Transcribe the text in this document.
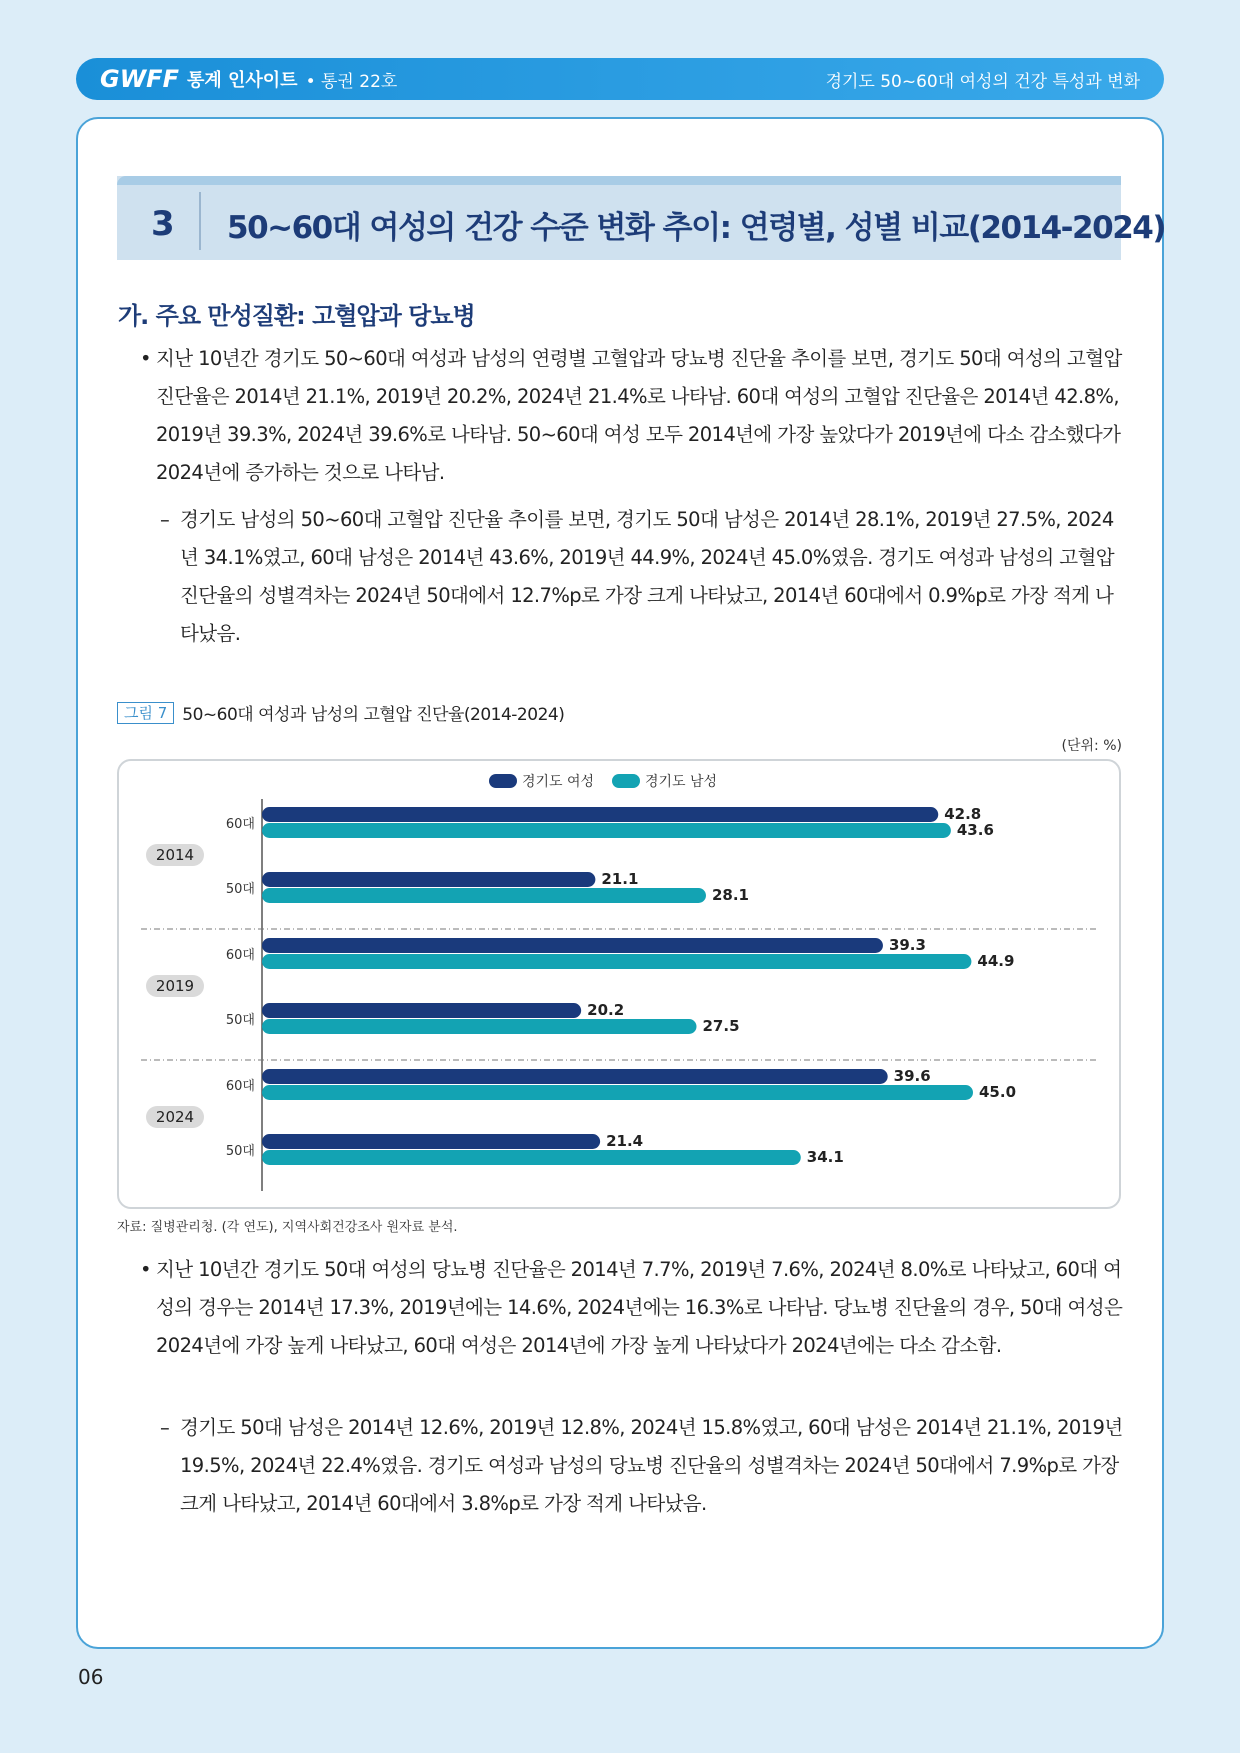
GWFF 통계 인사이트 • 통권 22호	경기도 50~60대 여성의 건강 특성과 변화
3 50~60대 여성의 건강 수준 변화 추이: 연령별, 성별 비교(2014-2024)
가. 주요 만성질환: 고혈압과 당뇨병
• 지난 10년간 경기도 50~60대 여성과 남성의 연령별 고혈압과 당뇨병 진단율 추이를 보면, 경기도 50대 여성의 고혈압 진단율은 2014년 21.1%, 2019년 20.2%, 2024년 21.4%로 나타남. 60대 여성의 고혈압 진단율은 2014년 42.8%, 2019년 39.3%, 2024년 39.6%로 나타남. 50~60대 여성 모두 2014년에 가장 높았다가 2019년에 다소 감소했다가 2024년에 증가하는 것으로 나타남.
– 경기도 남성의 50~60대 고혈압 진단율 추이를 보면, 경기도 50대 남성은 2014년 28.1%, 2019년 27.5%, 2024년 34.1%였고, 60대 남성은 2014년 43.6%, 2019년 44.9%, 2024년 45.0%였음. 경기도 여성과 남성의 고혈압 진단율의 성별격차는 2024년 50대에서 12.7%p로 가장 크게 나타났고, 2014년 60대에서 0.9%p로 가장 적게 나타났음.
그림 7 50~60대 여성과 남성의 고혈압 진단율(2014-2024)
(단위: %)
경기도 여성	경기도 남성
2014
60대
42.8
43.6
50대
21.1
28.1
2019
60대
39.3
44.9
50대
20.2
27.5
2024
60대
39.6
45.0
50대
21.4
34.1
자료: 질병관리청. (각 연도), 지역사회건강조사 원자료 분석.
• 지난 10년간 경기도 50대 여성의 당뇨병 진단율은 2014년 7.7%, 2019년 7.6%, 2024년 8.0%로 나타났고, 60대 여성의 경우는 2014년 17.3%, 2019년에는 14.6%, 2024년에는 16.3%로 나타남. 당뇨병 진단율의 경우, 50대 여성은 2024년에 가장 높게 나타났고, 60대 여성은 2014년에 가장 높게 나타났다가 2024년에는 다소 감소함.
– 경기도 50대 남성은 2014년 12.6%, 2019년 12.8%, 2024년 15.8%였고, 60대 남성은 2014년 21.1%, 2019년 19.5%, 2024년 22.4%였음. 경기도 여성과 남성의 당뇨병 진단율의 성별격차는 2024년 50대에서 7.9%p로 가장 크게 나타났고, 2014년 60대에서 3.8%p로 가장 적게 나타났음.
06
